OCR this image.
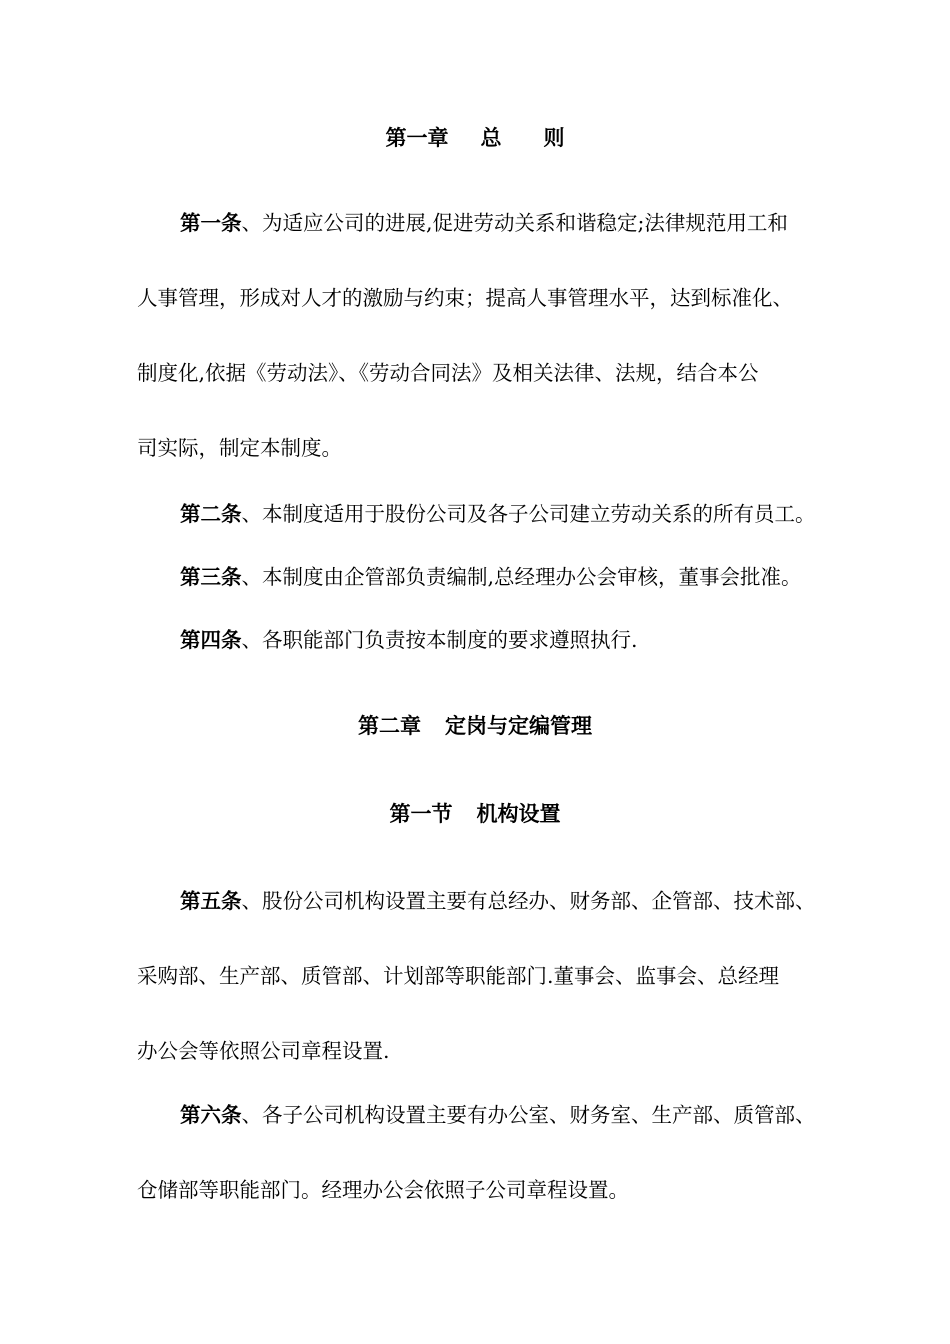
第一章 总 则
第一条、为适应公司的进展,促进劳动关系和谐稳定;法律规范用工和
人事管理，形成对人才的激励与约束；提高人事管理水平，达到标准化、
制度化,依据《劳动法》、《劳动合同法》及相关法律、法规，结合本公
司实际，制定本制度。
第二条、本制度适用于股份公司及各子公司建立劳动关系的所有员工。
第三条、本制度由企管部负责编制,总经理办公会审核，董事会批准。
第四条、各职能部门负责按本制度的要求遵照执行.
第二章 定岗与定编管理
第一节 机构设置
第五条、股份公司机构设置主要有总经办、财务部、企管部、技术部、
采购部、生产部、质管部、计划部等职能部门.董事会、监事会、总经理
办公会等依照公司章程设置.
第六条、各子公司机构设置主要有办公室、财务室、生产部、质管部、
仓储部等职能部门。经理办公会依照子公司章程设置。
